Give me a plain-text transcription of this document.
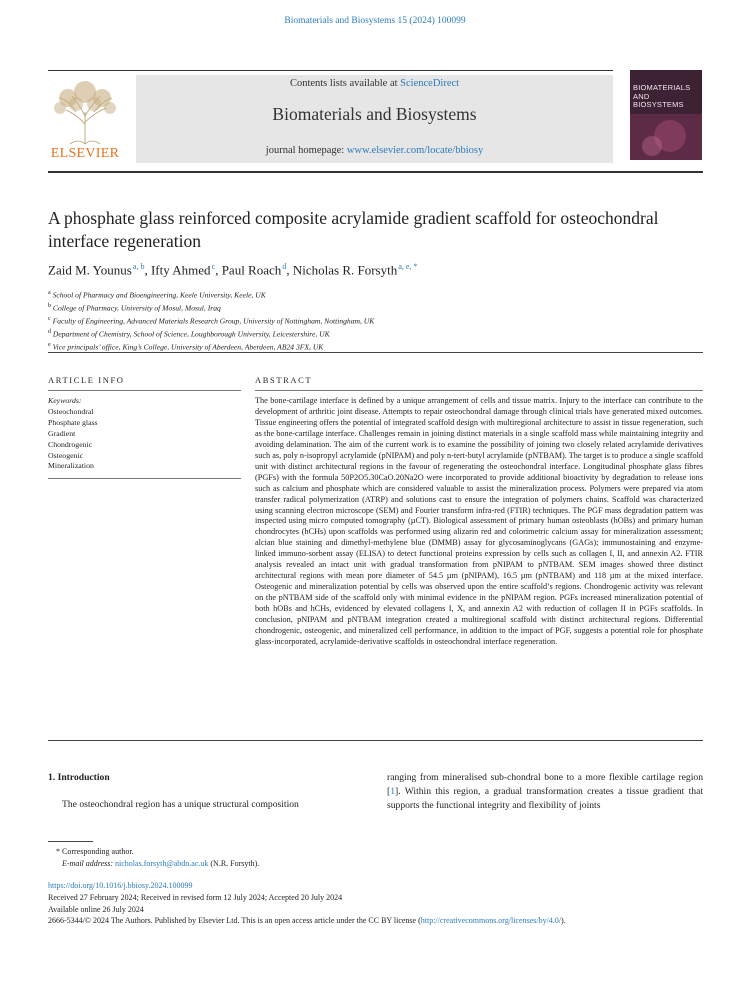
Biomaterials and Biosystems 15 (2024) 100099
ELSEVIER
Contents lists available at ScienceDirect
Biomaterials and Biosystems
journal homepage: www.elsevier.com/locate/bbiosy
BIOMATERIALS
AND
BIOSYSTEMS
A phosphate glass reinforced composite acrylamide gradient scaffold for osteochondral interface regeneration
Zaid M. Younus $^{a, b}$, Ifty Ahmed $^c$, Paul Roach $^d$, Nicholas R. Forsyth $^{a, e, *}$
$^a$ School of Pharmacy and Bioengineering, Keele University, Keele, UK
$^b$ College of Pharmacy, University of Mosul, Mosul, Iraq
$^c$ Faculty of Engineering, Advanced Materials Research Group, University of Nottingham, Nottingham, UK
$^d$ Department of Chemistry, School of Science, Loughborough University, Leicestershire, UK
$^e$ Vice principals’ office, King’s College, University of Aberdeen, Aberdeen, AB24 3FX, UK
ARTICLE INFO	ABSTRACT
Keywords:
Osteochondral
Phosphate glass
Gradient
Chondrogenic
Osteogenic
Mineralization
The bone-cartilage interface is defined by a unique arrangement of cells and tissue matrix. Injury to the interface can contribute to the development of arthritic joint disease. Attempts to repair osteochondral damage through clinical trials have generated mixed outcomes. Tissue engineering offers the potential of integrated scaffold design with multiregional architecture to assist in tissue regeneration, such as the bone-cartilage interface. Challenges remain in joining distinct materials in a single scaffold mass while maintaining integrity and avoiding delamination. The aim of the current work is to examine the possibility of joining two closely related acrylamide derivatives such as, poly n-isopropyl acrylamide (pNIPAM) and poly n-tert-butyl acrylamide (pNTBAM). The target is to produce a single scaffold unit with distinct architectural regions in the favour of regenerating the osteochondral interface. Longitudinal phosphate glass fibres (PGFs) with the formula 50P2O5.30CaO.20Na2O were incorporated to provide additional bioactivity by degradation to release ions such as calcium and phosphate which are considered valuable to assist the mineralization process. Polymers were prepared via atom transfer radical polymerization (ATRP) and solutions cast to ensure the integration of polymers chains. Scaffold was characterized using scanning electron microscope (SEM) and Fourier transform infra-red (FTIR) techniques. The PGF mass degradation pattern was inspected using micro computed tomography (µCT). Biological assessment of primary human osteoblasts (hOBs) and primary human chondrocytes (hCHs) upon scaffolds was performed using alizarin red and colorimetric calcium assay for mineralization assessment; alcian blue staining and dimethyl-methylene blue (DMMB) assay for glycosaminoglycans (GAGs); immunostaining and enzyme-linked immuno-sorbent assay (ELISA) to detect functional proteins expression by cells such as collagen I, II, and annexin A2. FTIR analysis revealed an intact unit with gradual transformation from pNIPAM to pNTBAM. SEM images showed three distinct architectural regions with mean pore diameter of 54.5 µm (pNIPAM), 16.5 µm (pNTBAM) and 118 µm at the mixed interface. Osteogenic and mineralization potential by cells was observed upon the entire scaffold’s regions. Chondrogenic activity was relevant on the pNTBAM side of the scaffold only with minimal evidence in the pNIPAM region. PGFs increased mineralization potential of both hOBs and hCHs, evidenced by elevated collagens I, X, and annexin A2 with reduction of collagen II in PGFs scaffolds. In conclusion, pNIPAM and pNTBAM integration created a multiregional scaffold with distinct architectural regions. Differential chondrogenic, osteogenic, and mineralized cell performance, in addition to the impact of PGF, suggests a potential role for phosphate glass-incorporated, acrylamide-derivative scaffolds in osteochondral interface regeneration.
1. Introduction
The osteochondral region has a unique structural composition
ranging from mineralised sub-chondral bone to a more flexible cartilage region [1]. Within this region, a gradual transformation creates a tissue gradient that supports the functional integrity and flexibility of joints
* Corresponding author.
E-mail address: nicholas.forsyth@abdn.ac.uk (N.R. Forsyth).
https://doi.org/10.1016/j.bbiosy.2024.100099
Received 27 February 2024; Received in revised form 12 July 2024; Accepted 20 July 2024
Available online 26 July 2024
2666-5344/© 2024 The Authors. Published by Elsevier Ltd. This is an open access article under the CC BY license (http://creativecommons.org/licenses/by/4.0/).
